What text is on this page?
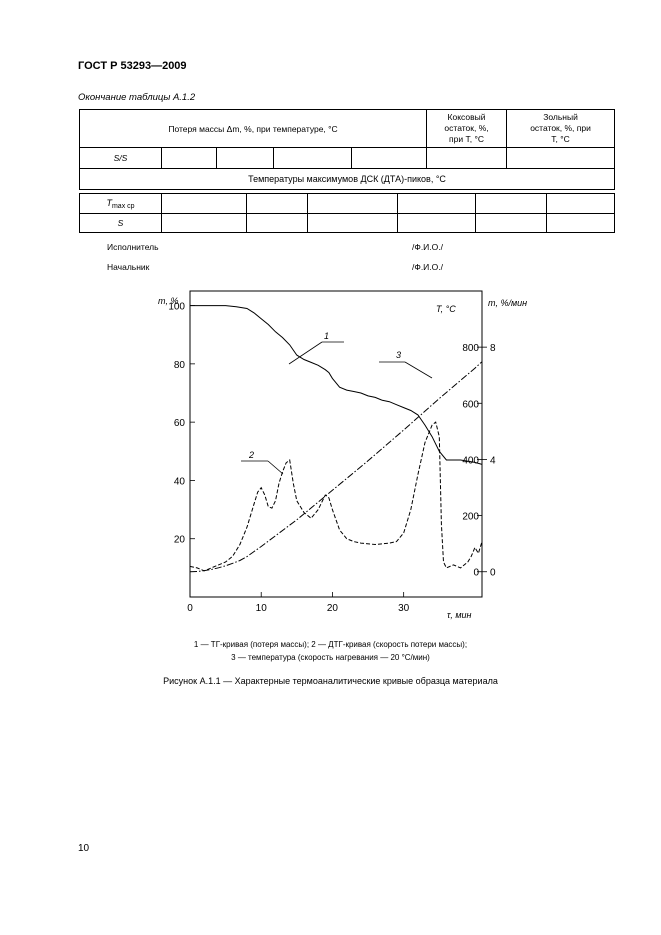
ГОСТ Р 53293—2009
Окончание таблицы А.1.2
Потеря массы Δm, %, при температуре, °С					Коксовый остаток, %, при Т, °С	Зольный остаток, %, при Т, °С
S/S						
Температуры максимумов ДСК (ДТА)-пиков, °С						
$T_{max ср}$						
S						
Исполнитель	/Ф.И.О./
Начальник	/Ф.И.О./
0	10	20	30
100
80
60
40
20
800
600
400
200
0
8
4
0
m, %
T, °C
m, %/мин
τ, мин
1
2
3
1 — ТГ-кривая (потеря массы); 2 — ДТГ-кривая (скорость потери массы);
3 — температура (скорость нагревания — 20 °С/мин)
Рисунок А.1.1 — Характерные термоаналитические кривые образца материала
10
